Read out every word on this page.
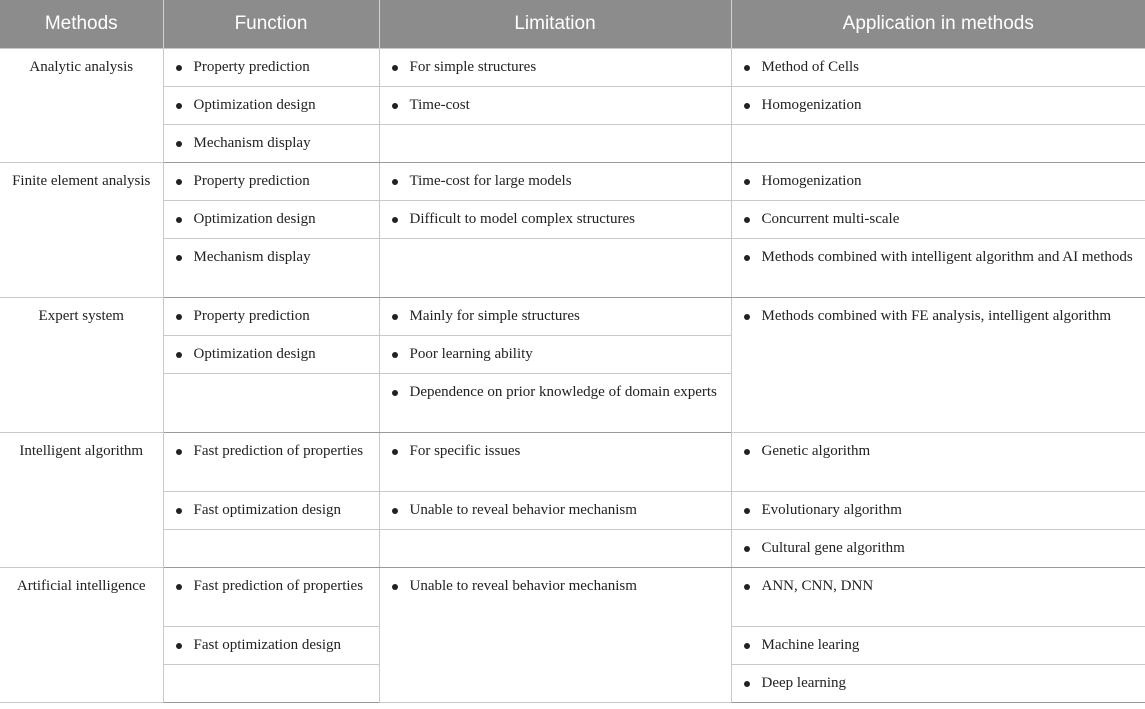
Methods	Function	Limitation	Application in methods
Analytic analysis	Property prediction	For simple structures	Method of Cells

	Optimization design	Time-cost	Homogenization

	Mechanism display		

Finite element analysis	Property prediction	Time-cost for large models	Homogenization

	Optimization design	Difficult to model complex structures	Concurrent multi-scale

	Mechanism display		Methods combined with intelligent algorithm and AI methods

Expert system	Property prediction	Mainly for simple structures	Methods combined with FE analysis, intelligent algorithm

	Optimization design	Poor learning ability	

		Dependence on prior knowledge of domain experts	

Intelligent algorithm	Fast prediction of properties	For specific issues	Genetic algorithm

	Fast optimization design	Unable to reveal behavior mechanism	Evolutionary algorithm

			Cultural gene algorithm

Artificial intelligence	Fast prediction of properties	Unable to reveal behavior mechanism	ANN, CNN, DNN

	Fast optimization design		Machine learing

			Deep learning
